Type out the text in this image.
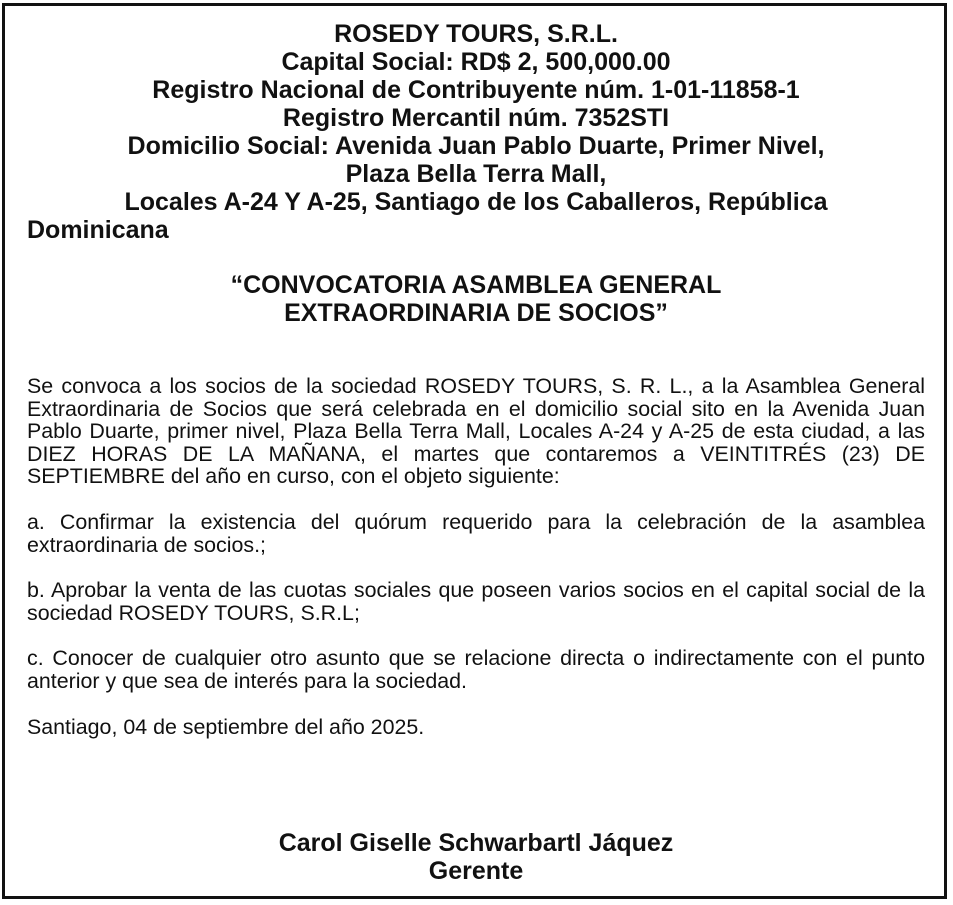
ROSEDY TOURS, S.R.L.
Capital Social: RD$ 2, 500,000.00
Registro Nacional de Contribuyente núm. 1-01-11858-1
Registro Mercantil núm. 7352STI
Domicilio Social: Avenida Juan Pablo Duarte, Primer Nivel,
Plaza Bella Terra Mall,
Locales A-24 Y A-25, Santiago de los Caballeros, República
Dominicana
“CONVOCATORIA ASAMBLEA GENERAL
EXTRAORDINARIA DE SOCIOS”

Se convoca a los socios de la sociedad ROSEDY TOURS, S. R. L., a la Asamblea General Extraordinaria de Socios que será celebrada en el domicilio social sito en la Avenida Juan Pablo Duarte, primer nivel, Plaza Bella Terra Mall, Locales A-24 y A-25 de esta ciudad, a las DIEZ HORAS DE LA MAÑANA, el martes que contaremos a VEINTITRÉS (23) DE SEPTIEMBRE del año en curso, con el objeto siguiente:

a. Confirmar la existencia del quórum requerido para la celebración de la asamblea extraordinaria de socios.;

b. Aprobar la venta de las cuotas sociales que poseen varios socios en el capital social de la sociedad ROSEDY TOURS, S.R.L;

c. Conocer de cualquier otro asunto que se relacione directa o indirectamente con el punto anterior y que sea de interés para la sociedad.

Santiago, 04 de septiembre del año 2025.

Carol Giselle Schwarbartl Jáquez
Gerente
